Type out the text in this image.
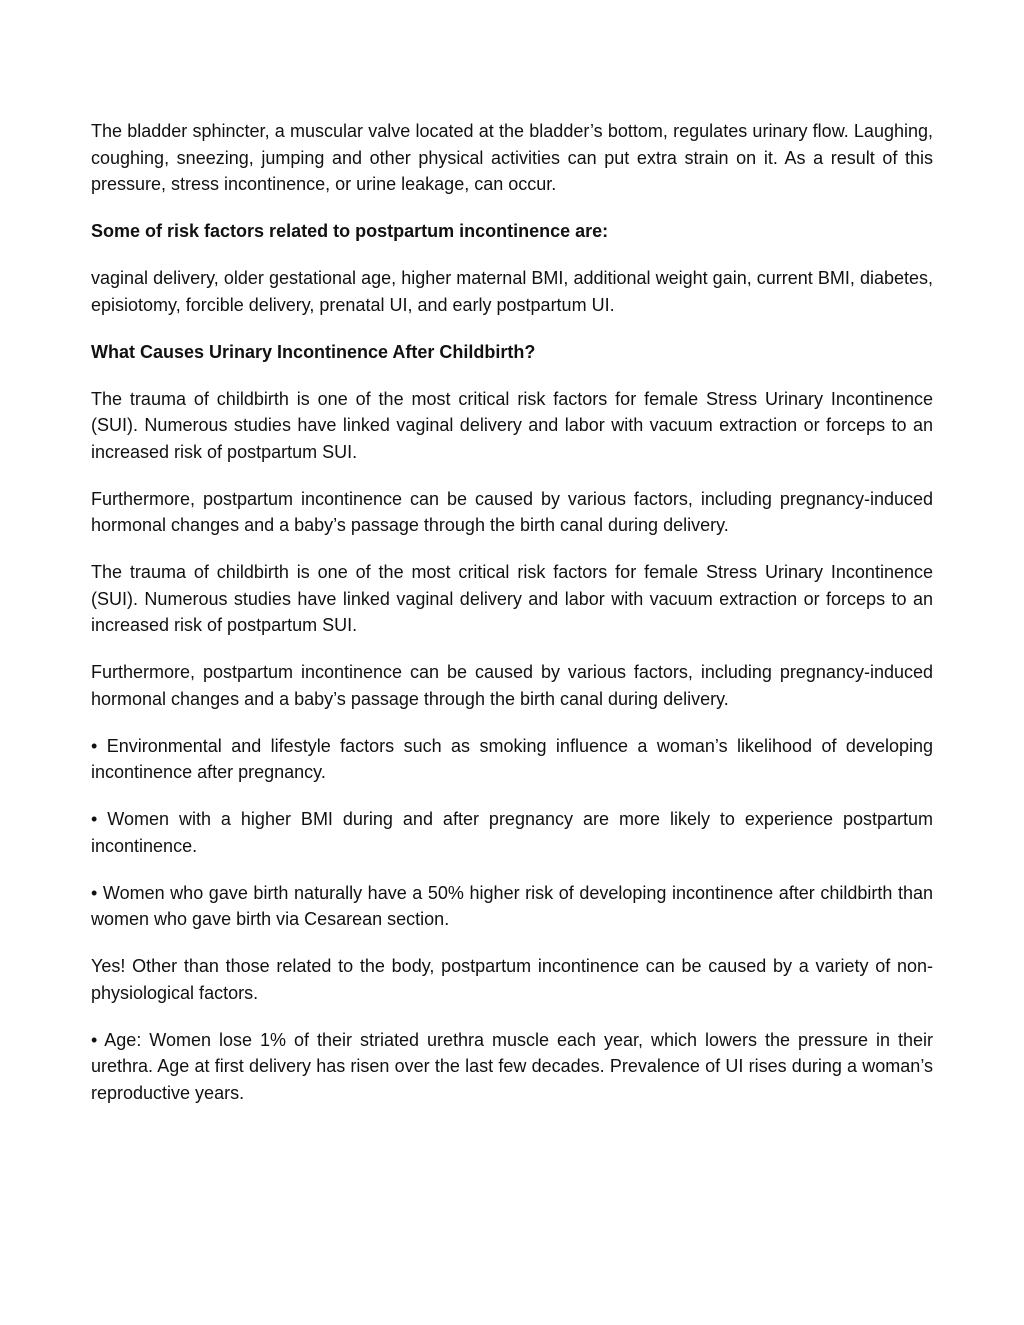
The bladder sphincter, a muscular valve located at the bladder’s bottom, regulates urinary flow. Laughing, coughing, sneezing, jumping and other physical activities can put extra strain on it. As a result of this pressure, stress incontinence, or urine leakage, can occur.

Some of risk factors related to postpartum incontinence are:

vaginal delivery, older gestational age, higher maternal BMI, additional weight gain, current BMI, diabetes, episiotomy, forcible delivery, prenatal UI, and early postpartum UI.

What Causes Urinary Incontinence After Childbirth?

The trauma of childbirth is one of the most critical risk factors for female Stress Urinary Incontinence (SUI). Numerous studies have linked vaginal delivery and labor with vacuum extraction or forceps to an increased risk of postpartum SUI.

Furthermore, postpartum incontinence can be caused by various factors, including pregnancy-induced hormonal changes and a baby’s passage through the birth canal during delivery.

The trauma of childbirth is one of the most critical risk factors for female Stress Urinary Incontinence (SUI). Numerous studies have linked vaginal delivery and labor with vacuum extraction or forceps to an increased risk of postpartum SUI.

Furthermore, postpartum incontinence can be caused by various factors, including pregnancy-induced hormonal changes and a baby’s passage through the birth canal during delivery.

• Environmental and lifestyle factors such as smoking influence a woman’s likelihood of developing incontinence after pregnancy.

• Women with a higher BMI during and after pregnancy are more likely to experience postpartum incontinence.

• Women who gave birth naturally have a 50% higher risk of developing incontinence after childbirth than women who gave birth via Cesarean section.

Yes! Other than those related to the body, postpartum incontinence can be caused by a variety of non-physiological factors.

• Age: Women lose 1% of their striated urethra muscle each year, which lowers the pressure in their urethra. Age at first delivery has risen over the last few decades. Prevalence of UI rises during a woman’s reproductive years.
